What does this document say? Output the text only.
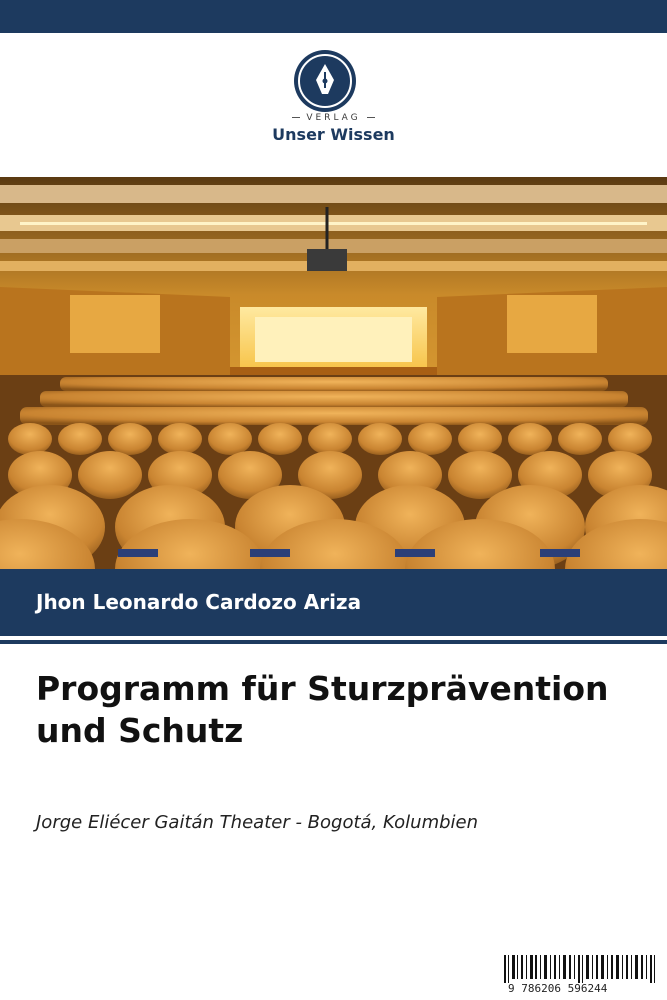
VERLAG
Unser Wissen
Jhon Leonardo Cardozo Ariza
Programm für Sturzprävention und Schutz
Jorge Eliécer Gaitán Theater - Bogotá, Kolumbien
9 786206 596244
